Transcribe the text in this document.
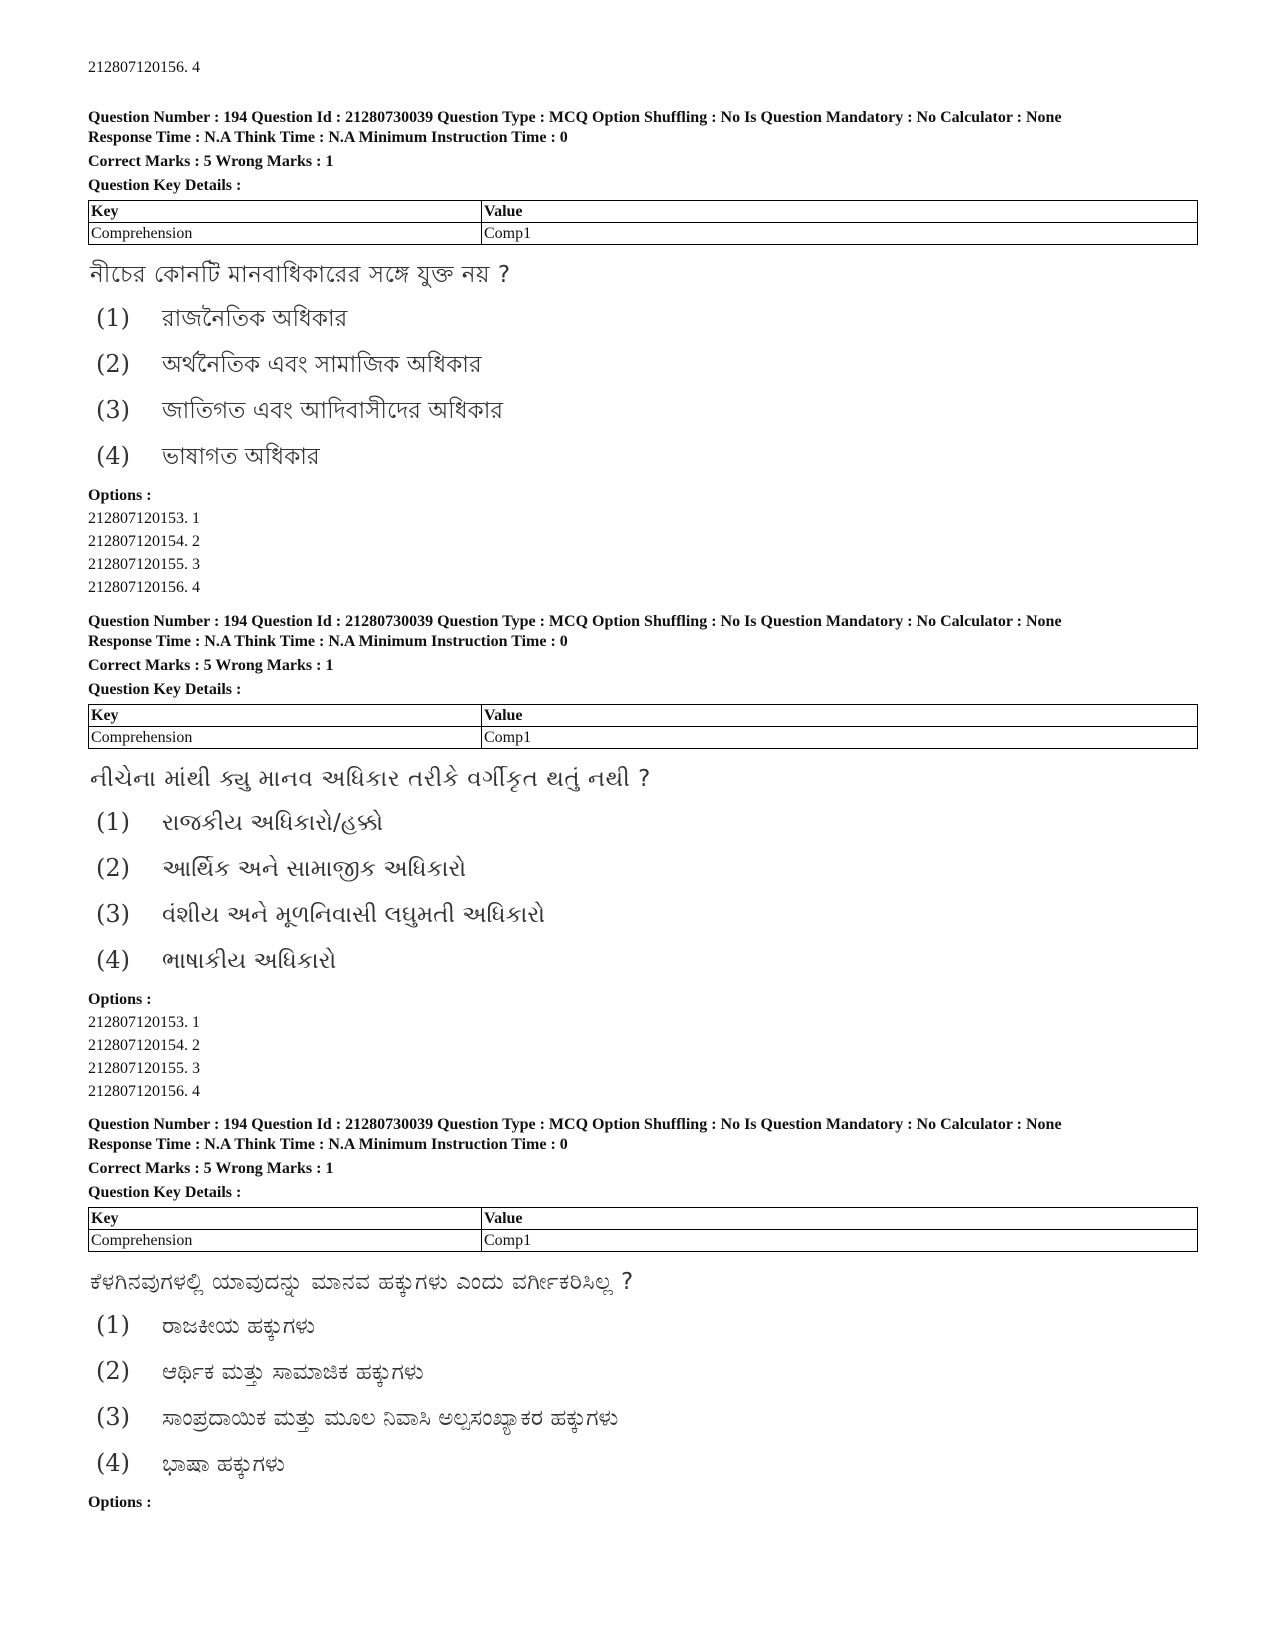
212807120156. 4

Question Number : 194 Question Id : 21280730039 Question Type : MCQ Option Shuffling : No Is Question Mandatory : No Calculator : None

Response Time : N.A Think Time : N.A Minimum Instruction Time : 0

Correct Marks : 5 Wrong Marks : 1

Question Key Details :

Key	Value
Comprehension	Comp1
নীচের কোনটি মানবাধিকারের সঙ্গে যুক্ত নয় ?
(1) রাজনৈতিক অধিকার
(2) অর্থনৈতিক এবং সামাজিক অধিকার
(3) জাতিগত এবং আদিবাসীদের অধিকার
(4) ভাষাগত অধিকার
Options :
212807120153. 1
212807120154. 2
212807120155. 3
212807120156. 4

Question Number : 194 Question Id : 21280730039 Question Type : MCQ Option Shuffling : No Is Question Mandatory : No Calculator : None

Response Time : N.A Think Time : N.A Minimum Instruction Time : 0

Correct Marks : 5 Wrong Marks : 1

Question Key Details :

Key	Value
Comprehension	Comp1
નીચેના માંથી ક્યુ માનવ અધિકાર તરીકે વર્ગીકૃત થતું નથી ?
(1) રાજકીય અધિકારો/હક્કો
(2) આર્થિક અને સામાજીક અધિકારો
(3) વંશીય અને મૂળનિવાસી લઘુમતી અધિકારો
(4) ભાષાકીય અધિકારો
Options :
212807120153. 1
212807120154. 2
212807120155. 3
212807120156. 4

Question Number : 194 Question Id : 21280730039 Question Type : MCQ Option Shuffling : No Is Question Mandatory : No Calculator : None

Response Time : N.A Think Time : N.A Minimum Instruction Time : 0

Correct Marks : 5 Wrong Marks : 1

Question Key Details :

Key	Value
Comprehension	Comp1
ಕೆಳಗಿನವುಗಳಲ್ಲಿ ಯಾವುದನ್ನು ಮಾನವ ಹಕ್ಕುಗಳು ಎಂದು ವರ್ಗೀಕರಿಸಿಲ್ಲ ?
(1) ರಾಜಕೀಯ ಹಕ್ಕುಗಳು
(2) ಆರ್ಥಿಕ ಮತ್ತು ಸಾಮಾಜಿಕ ಹಕ್ಕುಗಳು
(3) ಸಾಂಪ್ರದಾಯಿಕ ಮತ್ತು ಮೂಲ ನಿವಾಸಿ ಅಲ್ಪಸಂಖ್ಯಾಕರ ಹಕ್ಕುಗಳು
(4) ಭಾಷಾ ಹಕ್ಕುಗಳು
Options :
